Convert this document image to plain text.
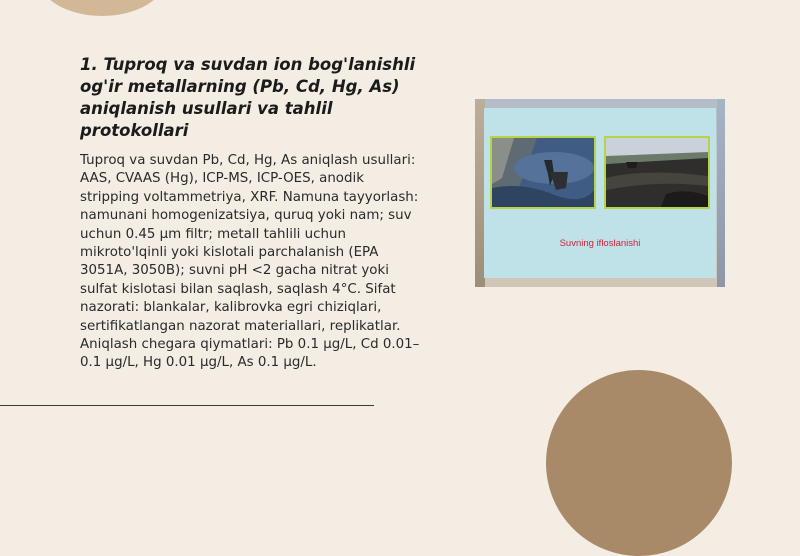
1. Tuproq va suvdan ion bog'lanishli og'ir metallarning (Pb, Cd, Hg, As) aniqlanish usullari va tahlil protokollari

Tuproq va suvdan Pb, Cd, Hg, As aniqlash usullari: AAS, CVAAS (Hg), ICP-MS, ICP-OES, anodik stripping voltammetriya, XRF. Namuna tayyorlash: namunani homogenizatsiya, quruq yoki nam; suv uchun 0.45 µm filtr; metall tahlili uchun mikroto'lqinli yoki kislotali parchalanish (EPA 3051A, 3050B); suvni pH <2 gacha nitrat yoki sulfat kislotasi bilan saqlash, saqlash 4°C. Sifat nazorati: blankalar, kalibrovka egri chiziqlari, sertifikatlangan nazorat materiallari, replikatlar. Aniqlash chegara qiymatlari: Pb 0.1 µg/L, Cd 0.01–0.1 µg/L, Hg 0.01 µg/L, As 0.1 µg/L.

Suvning ifloslanishi
